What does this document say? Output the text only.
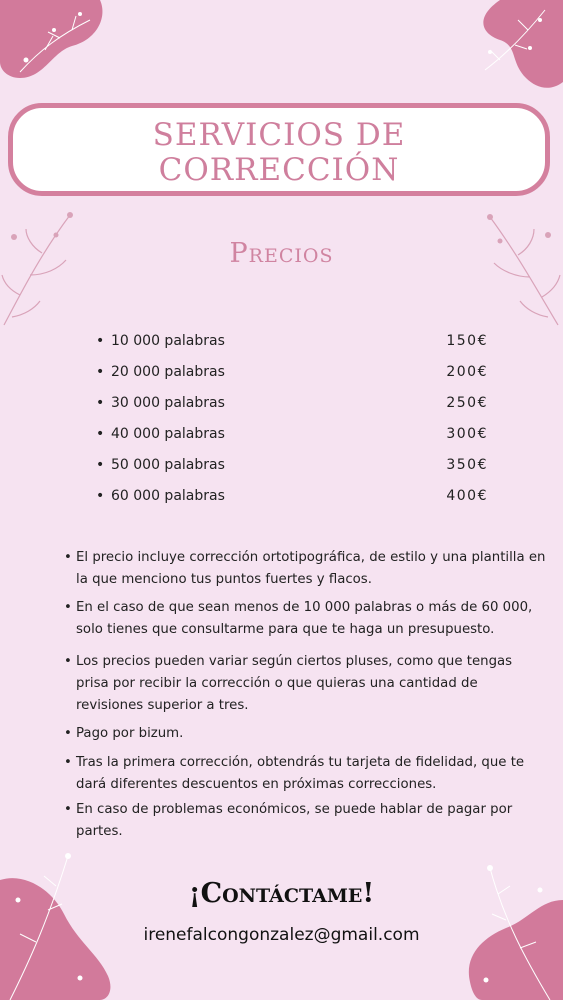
SERVICIOS DE
CORRECCIÓN
Precios
• 10 000 palabras	150€
• 20 000 palabras	200€
• 30 000 palabras	250€
• 40 000 palabras	300€
• 50 000 palabras	350€
• 60 000 palabras	400€
• El precio incluye corrección ortotipográfica, de estilo y una plantilla en la que menciono tus puntos fuertes y flacos.
• En el caso de que sean menos de 10 000 palabras o más de 60 000, solo tienes que consultarme para que te haga un presupuesto.
• Los precios pueden variar según ciertos pluses, como que tengas prisa por recibir la corrección o que quieras una cantidad de revisiones superior a tres.
• Pago por bizum.
• Tras la primera corrección, obtendrás tu tarjeta de fidelidad, que te dará diferentes descuentos en próximas correcciones.
• En caso de problemas económicos, se puede hablar de pagar por partes.
¡Contáctame!
irenefalcongonzalez@gmail.com
